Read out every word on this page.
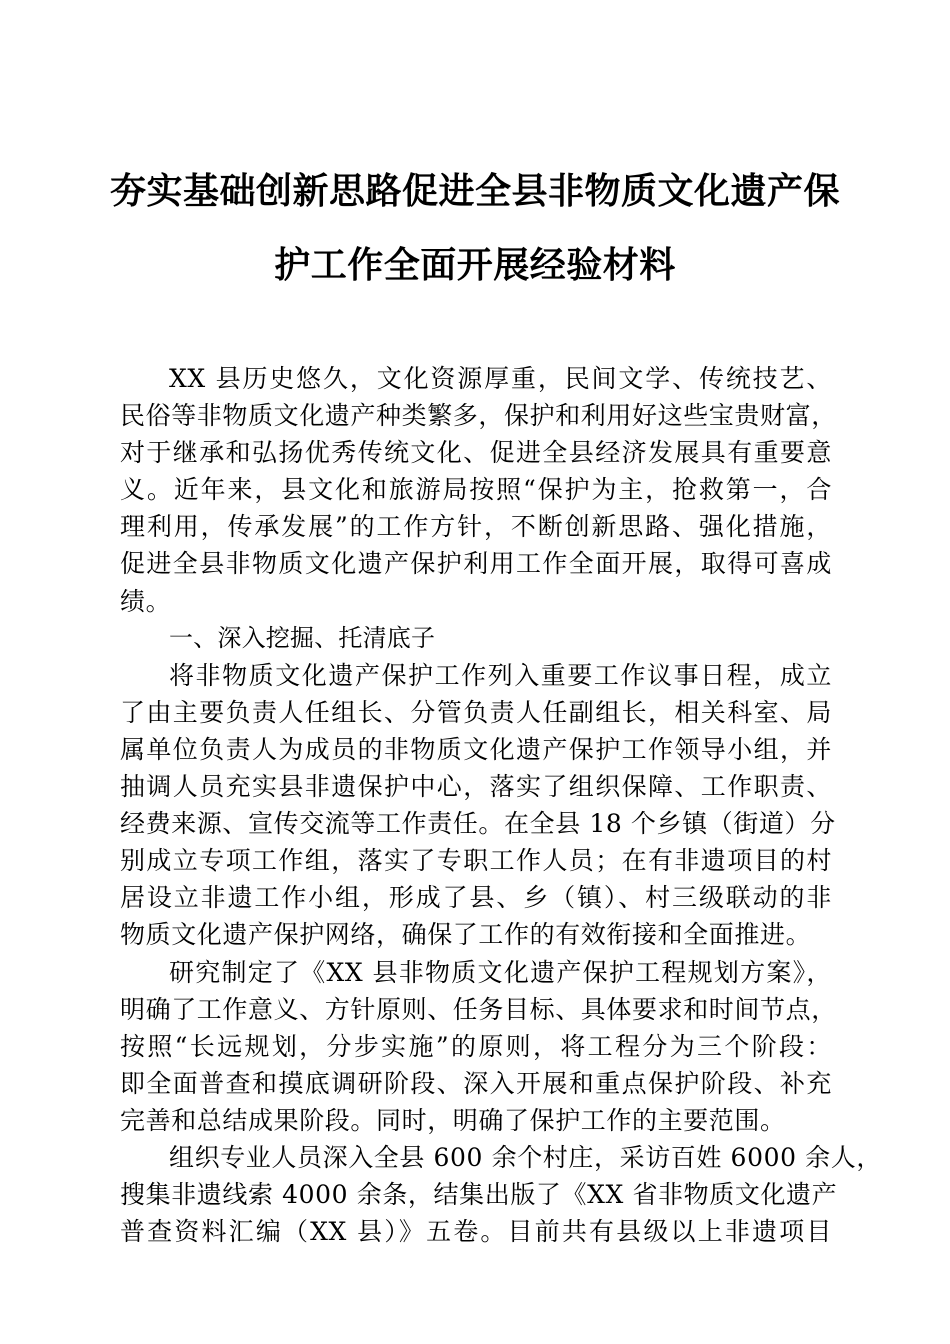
夯实基础创新思路促进全县非物质文化遗产保
护工作全面开展经验材料
XX 县历史悠久，文化资源厚重，民间文学、传统技艺、
民俗等非物质文化遗产种类繁多，保护和利用好这些宝贵财富，
对于继承和弘扬优秀传统文化、促进全县经济发展具有重要意
义。近年来，县文化和旅游局按照“保护为主，抢救第一，合
理利用，传承发展”的工作方针，不断创新思路、强化措施，
促进全县非物质文化遗产保护利用工作全面开展，取得可喜成
绩。
一、深入挖掘、托清底子
将非物质文化遗产保护工作列入重要工作议事日程，成立
了由主要负责人任组长、分管负责人任副组长，相关科室、局
属单位负责人为成员的非物质文化遗产保护工作领导小组，并
抽调人员充实县非遗保护中心，落实了组织保障、工作职责、
经费来源、宣传交流等工作责任。在全县 18 个乡镇（街道）分
别成立专项工作组，落实了专职工作人员；在有非遗项目的村
居设立非遗工作小组，形成了县、乡（镇）、村三级联动的非
物质文化遗产保护网络，确保了工作的有效衔接和全面推进。
研究制定了《XX 县非物质文化遗产保护工程规划方案》，
明确了工作意义、方针原则、任务目标、具体要求和时间节点，
按照“长远规划，分步实施”的原则，将工程分为三个阶段：
即全面普查和摸底调研阶段、深入开展和重点保护阶段、补充
完善和总结成果阶段。同时，明确了保护工作的主要范围。
组织专业人员深入全县 600 余个村庄，采访百姓 6000 余人，
搜集非遗线索 4000 余条，结集出版了《XX 省非物质文化遗产
普查资料汇编（XX 县）》五卷。目前共有县级以上非遗项目
